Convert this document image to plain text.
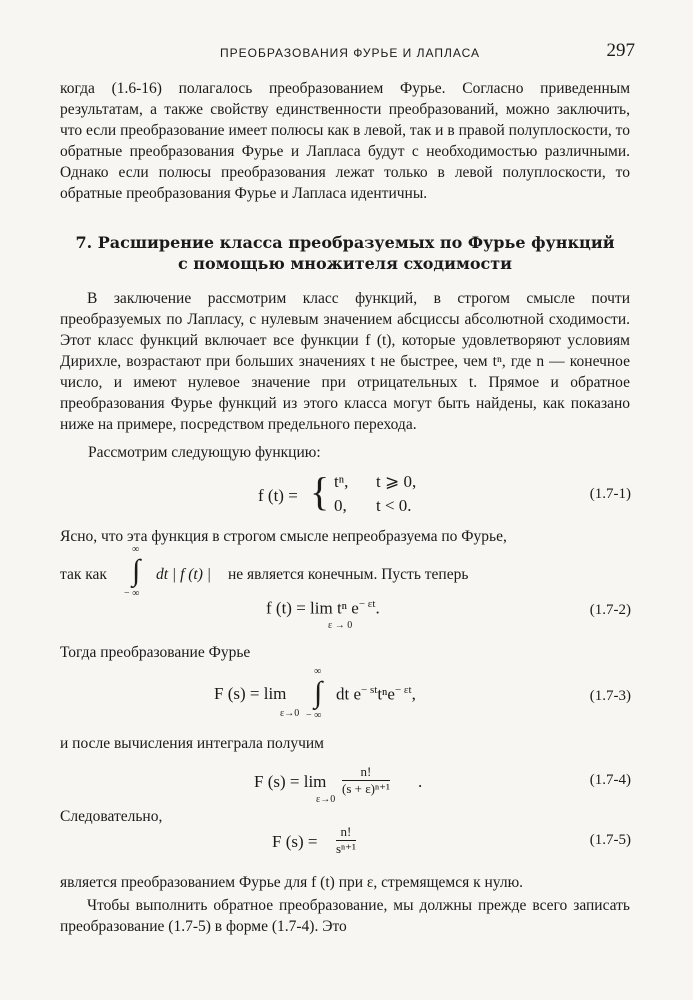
ПРЕОБРАЗОВАНИЯ ФУРЬЕ И ЛАПЛАСА	297

когда (1.6-16) полагалось преобразованием Фурье. Согласно приведенным результатам, а также свойству единственности преобразований, можно заключить, что если преобразование имеет полюсы как в левой, так и в правой полуплоскости, то обратные преобразования Фурье и Лапласа будут с необходимостью различными. Однако если полюсы преобразования лежат только в левой полуплоскости, то обратные преобразования Фурье и Лапласа идентичны.

7. Расширение класса преобразуемых по Фурье функций
с помощью множителя сходимости

В заключение рассмотрим класс функций, в строгом смысле почти преобразуемых по Лапласу, с нулевым значением абсциссы абсолютной сходимости. Этот класс функций включает все функции f (t), которые удовлетворяют условиям Дирихле, возрастают при больших значениях t не быстрее, чем tⁿ, где n — конечное число, и имеют нулевое значение при отрицательных t. Прямое и обратное преобразования Фурье функций из этого класса могут быть найдены, как показано ниже на примере, посредством предельного перехода.

Рассмотрим следующую функцию:
f (t) = { tⁿ, t ⩾ 0,
0, t < 0.
(1.7-1)
Ясно, что эта функция в строгом смысле непреобразуема по Фурье,
так как
∞
∫
− ∞
dt | f (t) | не является конечным. Пусть теперь
f (t) = lim tⁿ $e^{- \varepsilon t}$.
ε → 0
(1.7-2)
Тогда преобразование Фурье
F (s) = lim
ε→0
∞
∫
− ∞
dt $e^{- st}t^ne^{- \varepsilon t}$,	(1.7-3)
и после вычисления интеграла получим
F (s) = lim
ε→0
$\frac{n!}{\text{(s + ε)ⁿ⁺¹}}$ .	(1.7-4)
Следовательно,
F $(s) = \frac{n!}{\text{sⁿ⁺¹}}$	(1.7-5)
является преобразованием Фурье для f (t) при ε, стремящемся к нулю.

Чтобы выполнить обратное преобразование, мы должны прежде всего записать преобразование (1.7-5) в форме (1.7-4). Это
